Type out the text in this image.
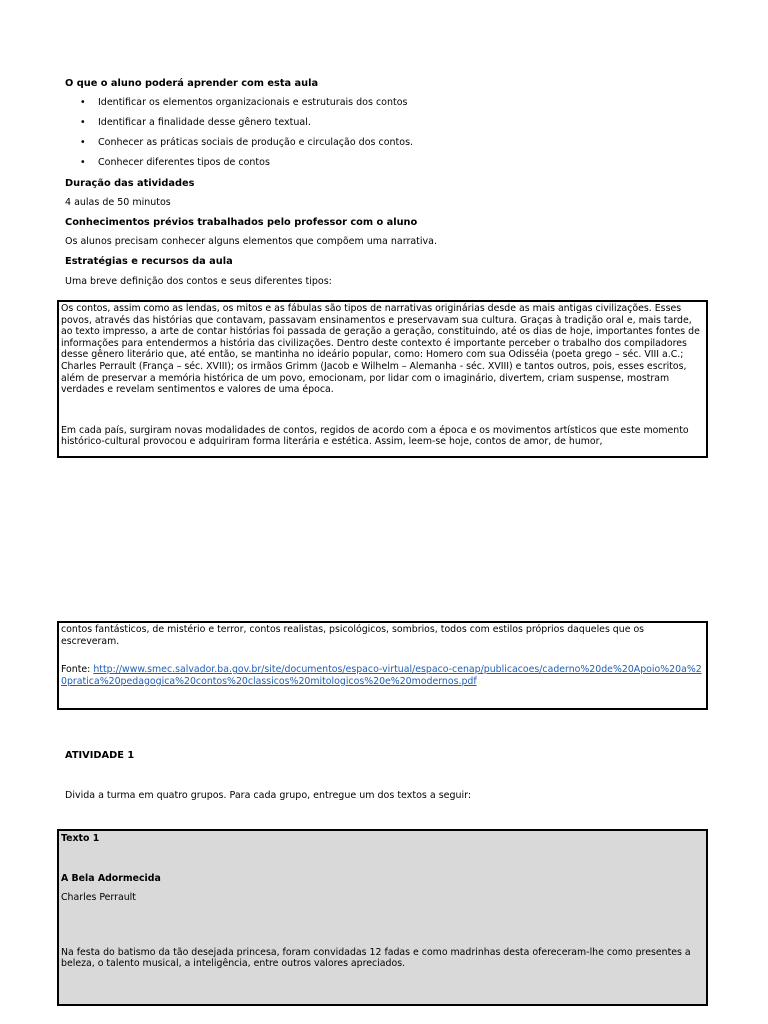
O que o aluno poderá aprender com esta aula
• Identificar os elementos organizacionais e estruturais dos contos
• Identificar a finalidade desse gênero textual.
• Conhecer as práticas sociais de produção e circulação dos contos.
• Conhecer diferentes tipos de contos
Duração das atividades
4 aulas de 50 minutos
Conhecimentos prévios trabalhados pelo professor com o aluno
Os alunos precisam conhecer alguns elementos que compõem uma narrativa.
Estratégias e recursos da aula
Uma breve definição dos contos e seus diferentes tipos:

Os contos, assim como as lendas, os mitos e as fábulas são tipos de narrativas originárias desde as mais antigas civilizações. Esses povos, através das histórias que contavam, passavam ensinamentos e preservavam sua cultura. Graças à tradição oral e, mais tarde, ao texto impresso, a arte de contar histórias foi passada de geração a geração, constituindo, até os dias de hoje, importantes fontes de informações para entendermos a história das civilizações. Dentro deste contexto é importante perceber o trabalho dos compiladores desse gênero literário que, até então, se mantinha no ideário popular, como: Homero com sua Odisséia (poeta grego – séc. VIII a.C.; Charles Perrault (França – séc. XVIII); os irmãos Grimm (Jacob e Wilhelm – Alemanha - séc. XVIII) e tantos outros, pois, esses escritos, além de preservar a memória histórica de um povo, emocionam, por lidar com o imaginário, divertem, criam suspense, mostram verdades e revelam sentimentos e valores de uma época.

Em cada país, surgiram novas modalidades de contos, regidos de acordo com a época e os movimentos artísticos que este momento histórico-cultural provocou e adquiriram forma literária e estética. Assim, leem-se hoje, contos de amor, de humor,

contos fantásticos, de mistério e terror, contos realistas, psicológicos, sombrios, todos com estilos próprios daqueles que os escreveram.

Fonte: http://www.smec.salvador.ba.gov.br/site/documentos/espaco-virtual/espaco-cenap/publicacoes/caderno%20de%20Apoio%20a%20pratica%20pedagogica%20contos%20classicos%20mitologicos%20e%20modernos.pdf

ATIVIDADE 1
Divida a turma em quatro grupos. Para cada grupo, entregue um dos textos a seguir:

Texto 1

A Bela Adormecida

Charles Perrault

Na festa do batismo da tão desejada princesa, foram convidadas 12 fadas e como madrinhas desta ofereceram-lhe como presentes a beleza, o talento musical, a inteligência, entre outros valores apreciados.
